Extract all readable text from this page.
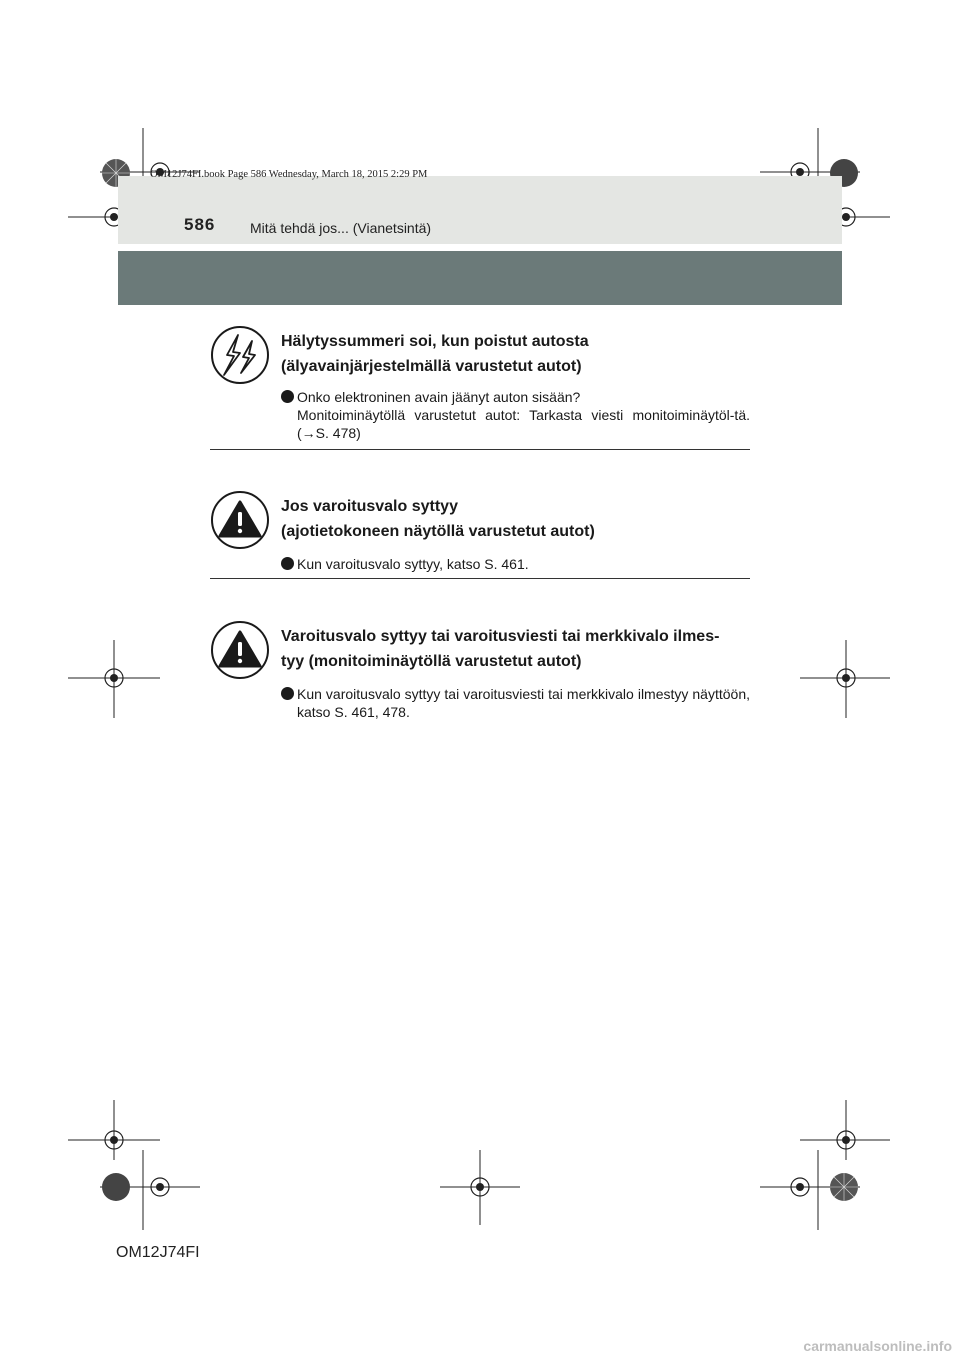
OM12J74FI.book Page 586 Wednesday, March 18, 2015 2:29 PM
586 Mitä tehdä jos... (Vianetsintä)
Hälytyssummeri soi, kun poistut autosta
(älyavainjärjestelmällä varustetut autot)
Onko elektroninen avain jäänyt auton sisään?
Monitoiminäytöllä varustetut autot: Tarkasta viesti monitoiminäytöl-tä. (→S. 478)
Jos varoitusvalo syttyy
(ajotietokoneen näytöllä varustetut autot)
Kun varoitusvalo syttyy, katso S. 461.
Varoitusvalo syttyy tai varoitusviesti tai merkkivalo ilmes-
tyy (monitoiminäytöllä varustetut autot)
Kun varoitusvalo syttyy tai varoitusviesti tai merkkivalo ilmestyy näyttöön, katso S. 461, 478.
OM12J74FI
carmanualsonline.info
